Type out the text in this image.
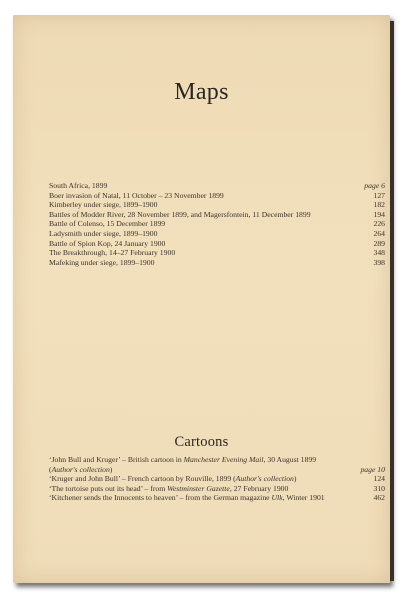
Maps
South Africa, 1899	page 6
Boer invasion of Natal, 11 October – 23 November 1899	127
Kimberley under siege, 1899–1900	182
Battles of Modder River, 28 November 1899, and Magersfontein, 11 December 1899	194
Battle of Colenso, 15 December 1899	226
Ladysmith under siege, 1899–1900	264
Battle of Spion Kop, 24 January 1900	289
The Breakthrough, 14–27 February 1900	348
Mafeking under siege, 1899–1900	398
Cartoons
‘John Bull and Kruger’ – British cartoon in Manchester Evening Mail, 30 August 1899 (Author's collection)	page 10
‘Kruger and John Bull’ – French cartoon by Rouville, 1899 (Author's collection)	124
‘The tortoise puts out its head’ – from Westminster Gazette, 27 February 1900	310
‘Kitchener sends the Innocents to heaven’ – from the German magazine Ulk, Winter 1901	462
